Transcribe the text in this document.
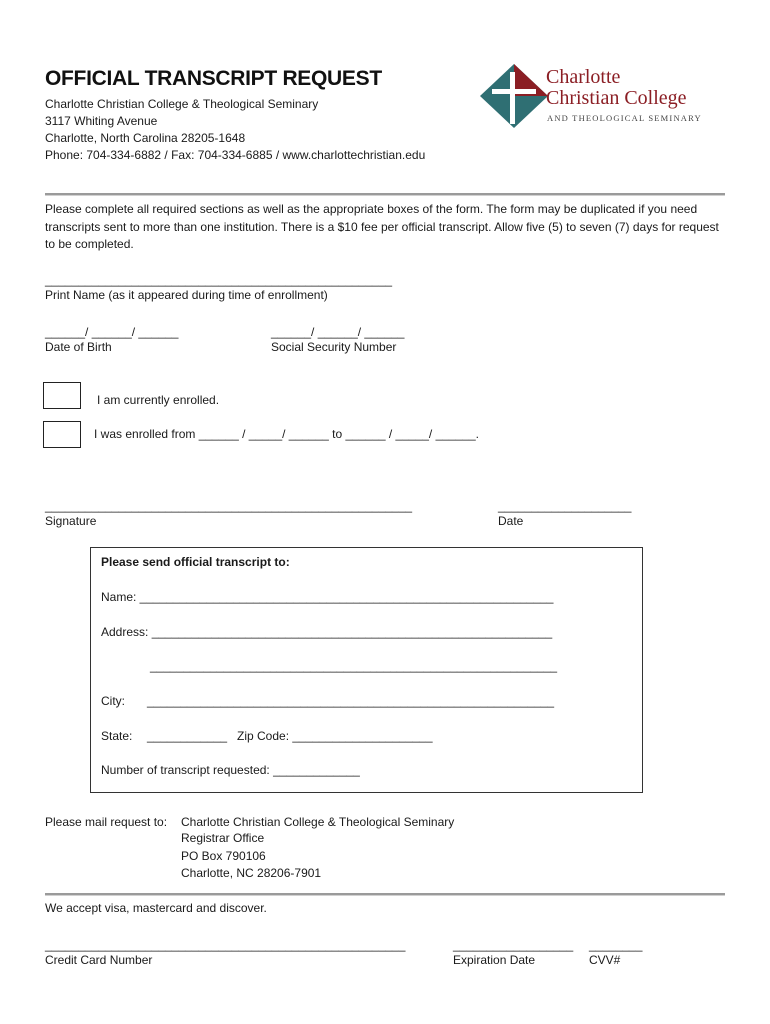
OFFICIAL TRANSCRIPT REQUEST
Charlotte Christian College & Theological Seminary
3117 Whiting Avenue
Charlotte, North Carolina 28205-1648
Phone: 704-334-6882 / Fax: 704-334-6885 / www.charlottechristian.edu
Charlotte
Christian College
AND THEOLOGICAL SEMINARY
Please complete all required sections as well as the appropriate boxes of the form. The form may be duplicated if you need transcripts sent to more than one institution. There is a $10 fee per official transcript. Allow five (5) to seven (7) days for request to be completed.
____________________________________________________
Print Name (as it appeared during time of enrollment)
______/ ______/ ______
Date of Birth
______/ ______/ ______
Social Security Number
I am currently enrolled.
I was enrolled from ______ / _____/ ______ to ______ / _____/ ______.
_______________________________________________________
Signature
____________________
Date
Please send official transcript to:
Name: ______________________________________________________________
Address: ____________________________________________________________
_____________________________________________________________
City: _____________________________________________________________
State: ____________ Zip Code: _____________________
Number of transcript requested: _____________
Please mail request to: Charlotte Christian College & Theological Seminary
Registrar Office
PO Box 790106
Charlotte, NC 28206-7901
We accept visa, mastercard and discover.
______________________________________________________
Credit Card Number
__________________
Expiration Date
________
CVV#
